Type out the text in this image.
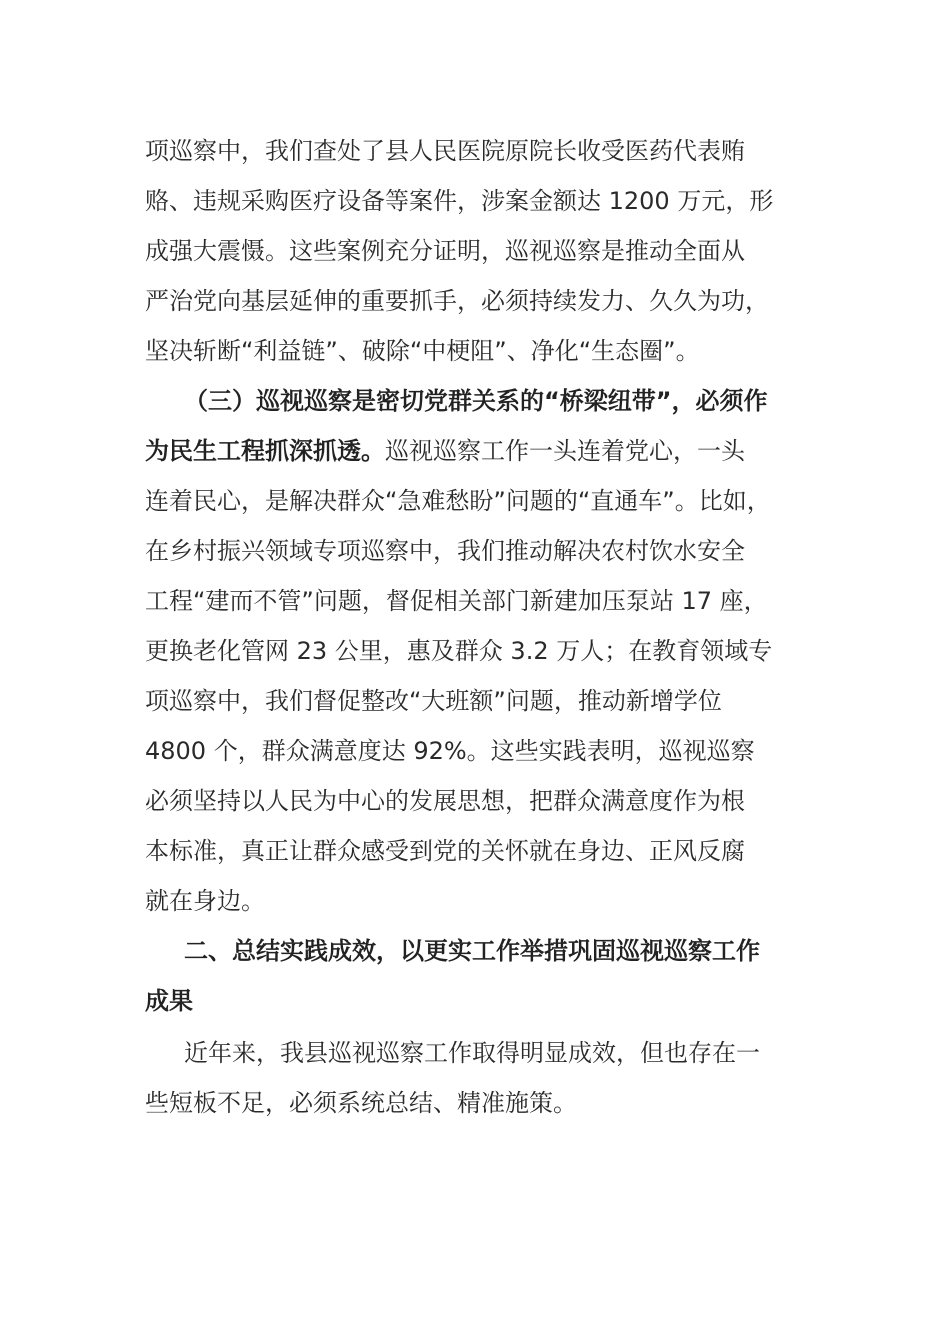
项巡察中，我们查处了县人民医院原院长收受医药代表贿
赂、违规采购医疗设备等案件，涉案金额达 1200 万元，形
成强大震慑。这些案例充分证明，巡视巡察是推动全面从
严治党向基层延伸的重要抓手，必须持续发力、久久为功，
坚决斩断“利益链”、破除“中梗阻”、净化“生态圈”。
（三）巡视巡察是密切党群关系的“桥梁纽带”，必须作
为民生工程抓深抓透。巡视巡察工作一头连着党心，一头
连着民心，是解决群众“急难愁盼”问题的“直通车”。比如，
在乡村振兴领域专项巡察中，我们推动解决农村饮水安全
工程“建而不管”问题，督促相关部门新建加压泵站 17 座，
更换老化管网 23 公里，惠及群众 3.2 万人；在教育领域专
项巡察中，我们督促整改“大班额”问题，推动新增学位
4800 个，群众满意度达 92%。这些实践表明，巡视巡察
必须坚持以人民为中心的发展思想，把群众满意度作为根
本标准，真正让群众感受到党的关怀就在身边、正风反腐
就在身边。
二、总结实践成效，以更实工作举措巩固巡视巡察工作
成果
近年来，我县巡视巡察工作取得明显成效，但也存在一
些短板不足，必须系统总结、精准施策。
